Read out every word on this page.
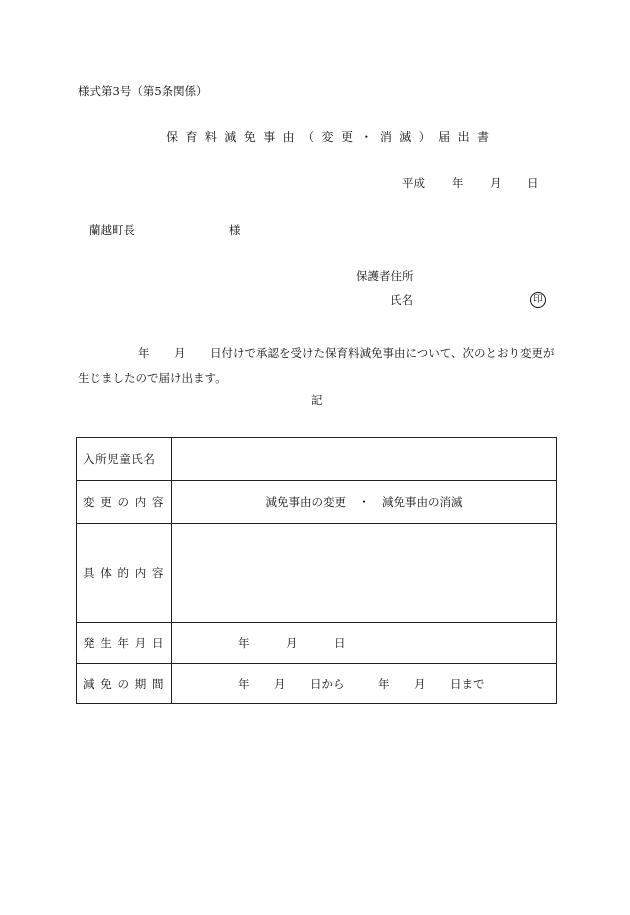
様式第3号（第5条関係）
保育料減免事由（変更・消滅）届出書
平成 年 月 日
蘭越町長	様
保護者住所
氏名	印
年 月 日付けで承認を受けた保育料減免事由について、次のとおり変更が生じましたので届け出ます。
記
入所児童氏名	
変更の内容	減免事由の変更 ・ 減免事由の消滅
具体的内容	
発生年月日	年 月 日
減免の期間	年 月 日から 年 月 日まで
